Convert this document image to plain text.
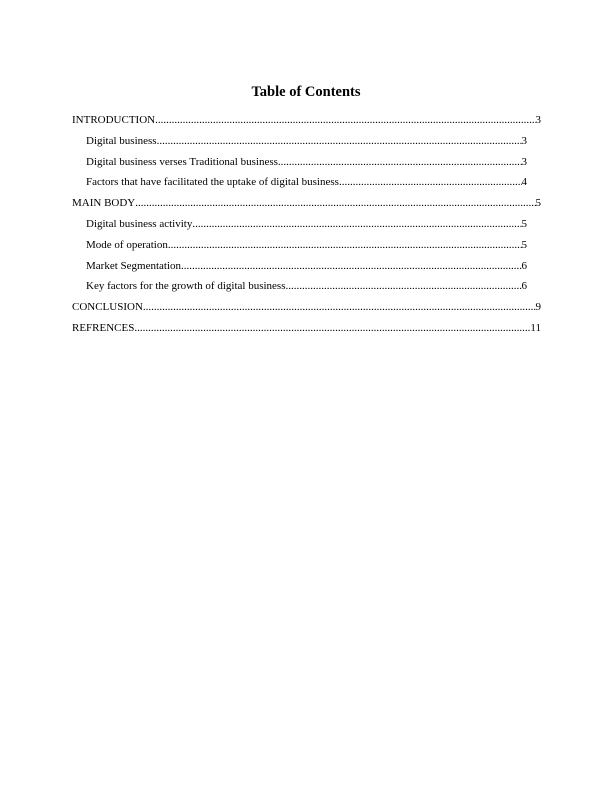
Table of Contents
INTRODUCTION .....	3
Digital business .....	3
Digital business verses Traditional business .....	3
Factors that have facilitated the uptake of digital business .....	4
MAIN BODY .....	5
Digital business activity .....	5
Mode of operation .....	5
Market Segmentation .....	6
Key factors for the growth of digital business .....	6
CONCLUSION .....	9
REFRENCES .....	11
